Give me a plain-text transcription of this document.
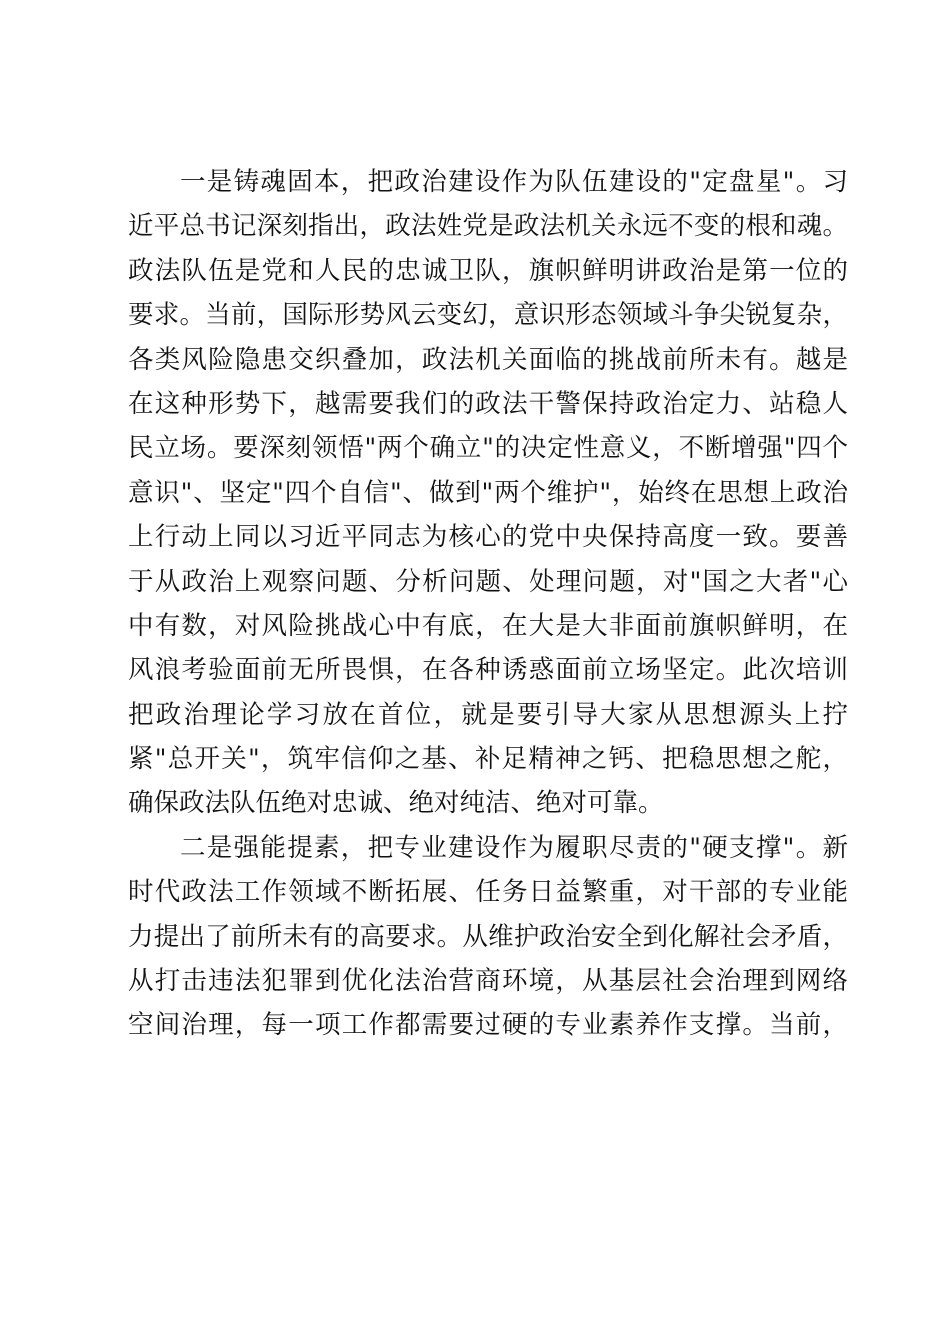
一是铸魂固本，把政治建设作为队伍建设的"定盘星"。习
近平总书记深刻指出，政法姓党是政法机关永远不变的根和魂。
政法队伍是党和人民的忠诚卫队，旗帜鲜明讲政治是第一位的
要求。当前，国际形势风云变幻，意识形态领域斗争尖锐复杂，
各类风险隐患交织叠加，政法机关面临的挑战前所未有。越是
在这种形势下，越需要我们的政法干警保持政治定力、站稳人
民立场。要深刻领悟"两个确立"的决定性意义，不断增强"四个
意识"、坚定"四个自信"、做到"两个维护"，始终在思想上政治
上行动上同以习近平同志为核心的党中央保持高度一致。要善
于从政治上观察问题、分析问题、处理问题，对"国之大者"心
中有数，对风险挑战心中有底，在大是大非面前旗帜鲜明，在
风浪考验面前无所畏惧，在各种诱惑面前立场坚定。此次培训
把政治理论学习放在首位，就是要引导大家从思想源头上拧
紧"总开关"，筑牢信仰之基、补足精神之钙、把稳思想之舵，
确保政法队伍绝对忠诚、绝对纯洁、绝对可靠。

二是强能提素，把专业建设作为履职尽责的"硬支撑"。新
时代政法工作领域不断拓展、任务日益繁重，对干部的专业能
力提出了前所未有的高要求。从维护政治安全到化解社会矛盾，
从打击违法犯罪到优化法治营商环境，从基层社会治理到网络
空间治理，每一项工作都需要过硬的专业素养作支撑。当前，
